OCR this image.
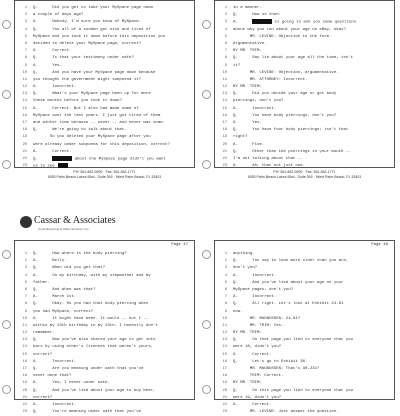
1 Q.      Did you get to take your MySpace page down
2 a couple of days ago?
3 A.      Nobody. I'm sure you know of MySpace.
4 Q.      You all of a sudden got sick and tired of
5 MySpace and you took it down before this deposition you
6 decided to delete your MySpace page, correct?
7 A.      Correct.
8 Q.      Is that your testimony under oath?
9 A.      Yes.
10 Q.      And you have your MySpace page down because
11 you thought the government might subpoena it?
12 A.      Incorrect.
13 Q.      What's your MySpace page been up for more
14 these months before you took it down?
15 A.      Correct. But I also had made some of
16 MySpace over the last years. I just got tired of them
17 and winter time because -- never -- and never was some.
18 Q.      We're going to talk about that.
19 So you deleted your MySpace page after you
20 were already under subpoena for this deposition, correct?
21 A.      Correct.
22 Q.	about the MySpace page didn't you want
23 us to see
PH: 561.682.0905 · Fax: 561.682.1771
1655 Palm Beach Lakes Blvd., Suite 500 · West Palm Beach, FL 33401
1 in a manner.
2 Q.      How so then.
3 A.	is going to ask you some questions
4 about why you run about your age on eBay, okay?
5 MR. LEVINE: Objection to the form.
6 Argumentative.
7 BY MR. TRIM:
8 Q.      Say lie about your age all the time, isn't
9 it?
10 MR. LEVINE: Objection, argumentative.
11 MR. ATTORNEY: Incorrect.
12 BY MR. TRIM:
13 Q.      Did you decide your age or got body
14 piercings, don't you?
15 A.      Incorrect.
16 Q.      You have body piercings, don't you?
17 A.      Yes.
18 Q.      You have four body piercings; isn't that
19 right?
20 A.      Five.
21 Q.      Other than the piercings in your mouth --
22 I'm not talking about that --
23 A.      Ah, that not just one.
PH: 561.682.0905 · Fax: 561.682.1771
1655 Palm Beach Lakes Blvd., Suite 500 · West Palm Beach, FL 33401
Cassar & Associates
Court Reporting & Video Services, Inc.
Page 47
1 Q.      How where is the body piercing?
2 A.      Belly.
3 Q.      When did you get that?
4 A.      On my birthday, with my stepmother and my
5 father.
6 Q.      And when was that?
7 A.      March 1st.
8 Q.      Okay. Do you had that body piercing when
9 you had MySpace, correct?
10 A.      It might have been. It would -- but I --
11 within my 13th birthday in my 13th. I honestly don't
12 remember.
13 Q.      Now you've also shared your age to get into
14 bars by using other's licenses that weren't yours,
15 correct?
16 A.      Incorrect.
17 Q.      Are you meaning under oath that you've
18 never done that?
19 A.      Yes, I never under oath.
20 Q.      And you've lied about your age to buy beer,
21 correct?
22 A.      Incorrect.
23 Q.      You're meaning under oath that you've
Page 48
1 anything.
2 Q.      You say to look more older than you are,
3 don't you?
4 A.      Incorrect.
5 Q.      And you've lied about your age on your
6 MySpace pages, don't you?
7 A.      Incorrect.
8 Q.      All right. Let's look at Exhibit 24-91
9 now.
10 MR. MAGNUSSEN: 24-91?
11 MR. TRIM: Yes.
12 BY MR. TRIM:
13 Q.      On that page you lied to everyone that you
14 were 18, didn't you?
15 A.      Correct.
16 Q.      Let's go to Exhibit 30.
17 MR. MAGNUSSEN: That's 30-231?
18 TRIM: Correct.
19 BY MR. TRIM:
20 Q.      On this page you lied to everyone that you
21 were 19, didn't you?
22 A.      Correct.
23 MR. LEVINE: Just answer the question.
